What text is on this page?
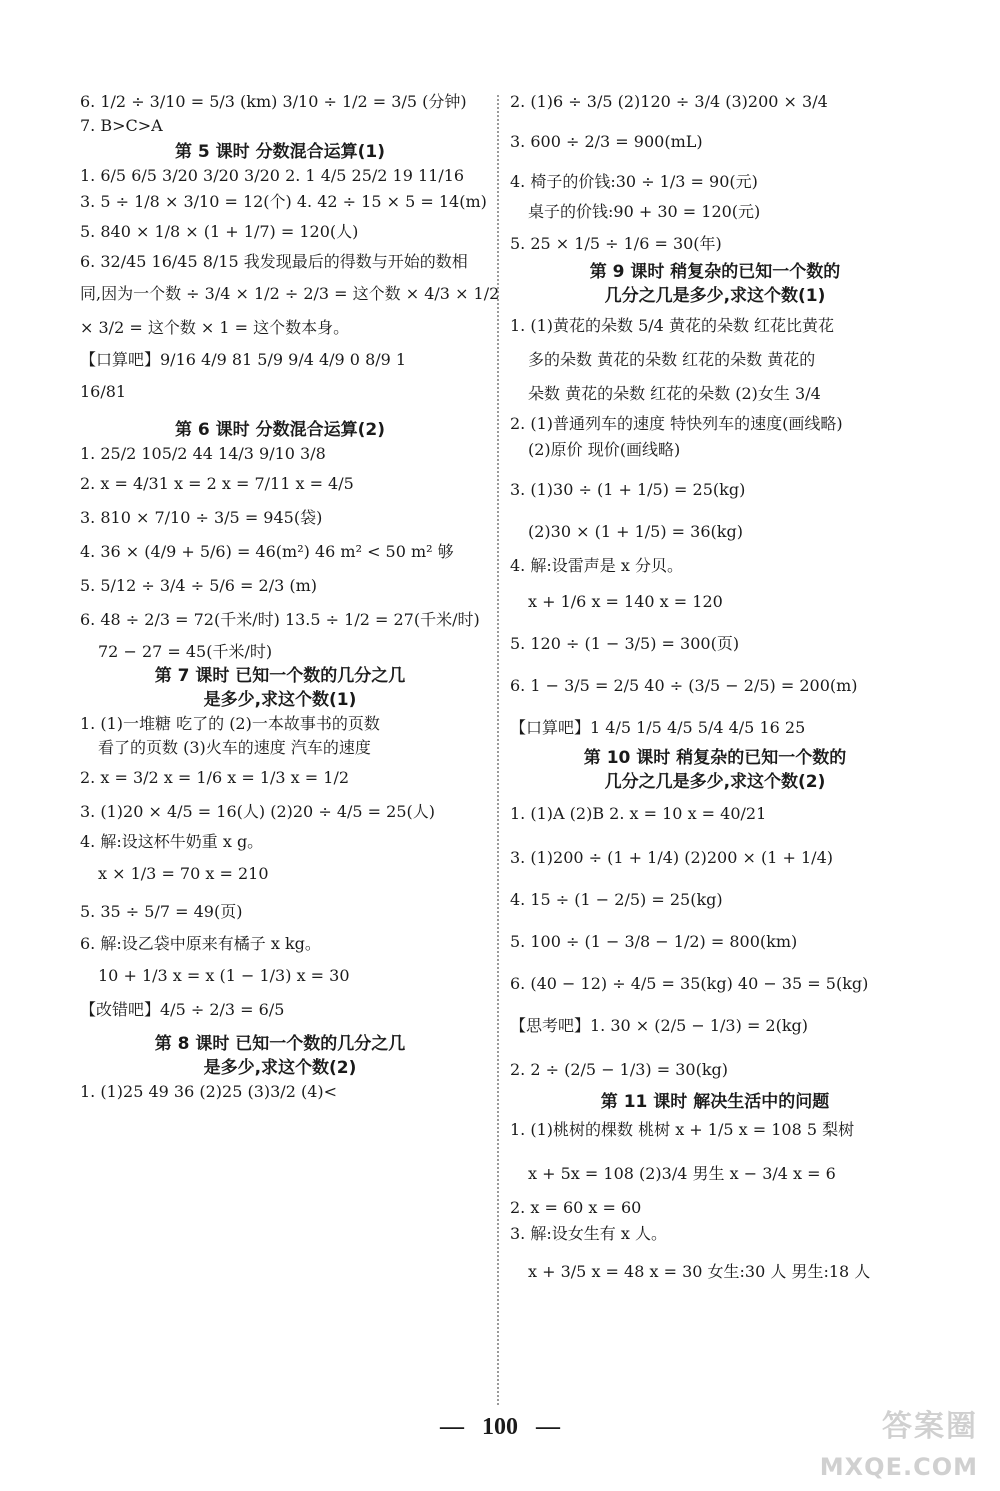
6. 1/2 ÷ 3/10 = 5/3 (km) 3/10 ÷ 1/2 = 3/5 (分钟)
7. B>C>A
第 5 课时 分数混合运算(1)
1. 6/5 6/5 3/20 3/20 3/20 2. 1 4/5 25/2 19 11/16
3. 5 ÷ 1/8 × 3/10 = 12(个) 4. 42 ÷ 15 × 5 = 14(m)
5. 840 × 1/8 × (1 + 1/7) = 120(人)
6. 32/45 16/45 8/15 我发现最后的得数与开始的数相
同,因为一个数 ÷ 3/4 × 1/2 ÷ 2/3 = 这个数 × 4/3 × 1/2
× 3/2 = 这个数 × 1 = 这个数本身。
【口算吧】9/16 4/9 81 5/9 9/4 4/9 0 8/9 1
16/81
第 6 课时 分数混合运算(2)
1. 25/2 105/2 44 14/3 9/10 3/8
2. x = 4/31 x = 2 x = 7/11 x = 4/5
3. 810 × 7/10 ÷ 3/5 = 945(袋)
4. 36 × (4/9 + 5/6) = 46(m²) 46 m² < 50 m² 够
5. 5/12 ÷ 3/4 ÷ 5/6 = 2/3 (m)
6. 48 ÷ 2/3 = 72(千米/时) 13.5 ÷ 1/2 = 27(千米/时)
72 − 27 = 45(千米/时)
第 7 课时 已知一个数的几分之几
是多少,求这个数(1)
1. (1)一堆糖 吃了的 (2)一本故事书的页数
看了的页数 (3)火车的速度 汽车的速度
2. x = 3/2 x = 1/6 x = 1/3 x = 1/2
3. (1)20 × 4/5 = 16(人) (2)20 ÷ 4/5 = 25(人)
4. 解:设这杯牛奶重 x g。
x × 1/3 = 70 x = 210
5. 35 ÷ 5/7 = 49(页)
6. 解:设乙袋中原来有橘子 x kg。
10 + 1/3 x = x (1 − 1/3) x = 30
【改错吧】4/5 ÷ 2/3 = 6/5
第 8 课时 已知一个数的几分之几
是多少,求这个数(2)
1. (1)25 49 36 (2)25 (3)3/2 (4)<
2. (1)6 ÷ 3/5 (2)120 ÷ 3/4 (3)200 × 3/4
3. 600 ÷ 2/3 = 900(mL)
4. 椅子的价钱:30 ÷ 1/3 = 90(元)
桌子的价钱:90 + 30 = 120(元)
5. 25 × 1/5 ÷ 1/6 = 30(年)
第 9 课时 稍复杂的已知一个数的
几分之几是多少,求这个数(1)
1. (1)黄花的朵数 5/4 黄花的朵数 红花比黄花
多的朵数 黄花的朵数 红花的朵数 黄花的
朵数 黄花的朵数 红花的朵数 (2)女生 3/4
2. (1)普通列车的速度 特快列车的速度(画线略)
(2)原价 现价(画线略)
3. (1)30 ÷ (1 + 1/5) = 25(kg)
(2)30 × (1 + 1/5) = 36(kg)
4. 解:设雷声是 x 分贝。
x + 1/6 x = 140 x = 120
5. 120 ÷ (1 − 3/5) = 300(页)
6. 1 − 3/5 = 2/5 40 ÷ (3/5 − 2/5) = 200(m)
【口算吧】1 4/5 1/5 4/5 5/4 4/5 16 25
第 10 课时 稍复杂的已知一个数的
几分之几是多少,求这个数(2)
1. (1)A (2)B 2. x = 10 x = 40/21
3. (1)200 ÷ (1 + 1/4) (2)200 × (1 + 1/4)
4. 15 ÷ (1 − 2/5) = 25(kg)
5. 100 ÷ (1 − 3/8 − 1/2) = 800(km)
6. (40 − 12) ÷ 4/5 = 35(kg) 40 − 35 = 5(kg)
【思考吧】1. 30 × (2/5 − 1/3) = 2(kg)
2. 2 ÷ (2/5 − 1/3) = 30(kg)
第 11 课时 解决生活中的问题
1. (1)桃树的棵数 桃树 x + 1/5 x = 108 5 梨树
x + 5x = 108 (2)3/4 男生 x − 3/4 x = 6
2. x = 60 x = 60
3. 解:设女生有 x 人。
x + 3/5 x = 48 x = 30 女生:30 人 男生:18 人
— 100 —	答案圈
MXQE.COM
